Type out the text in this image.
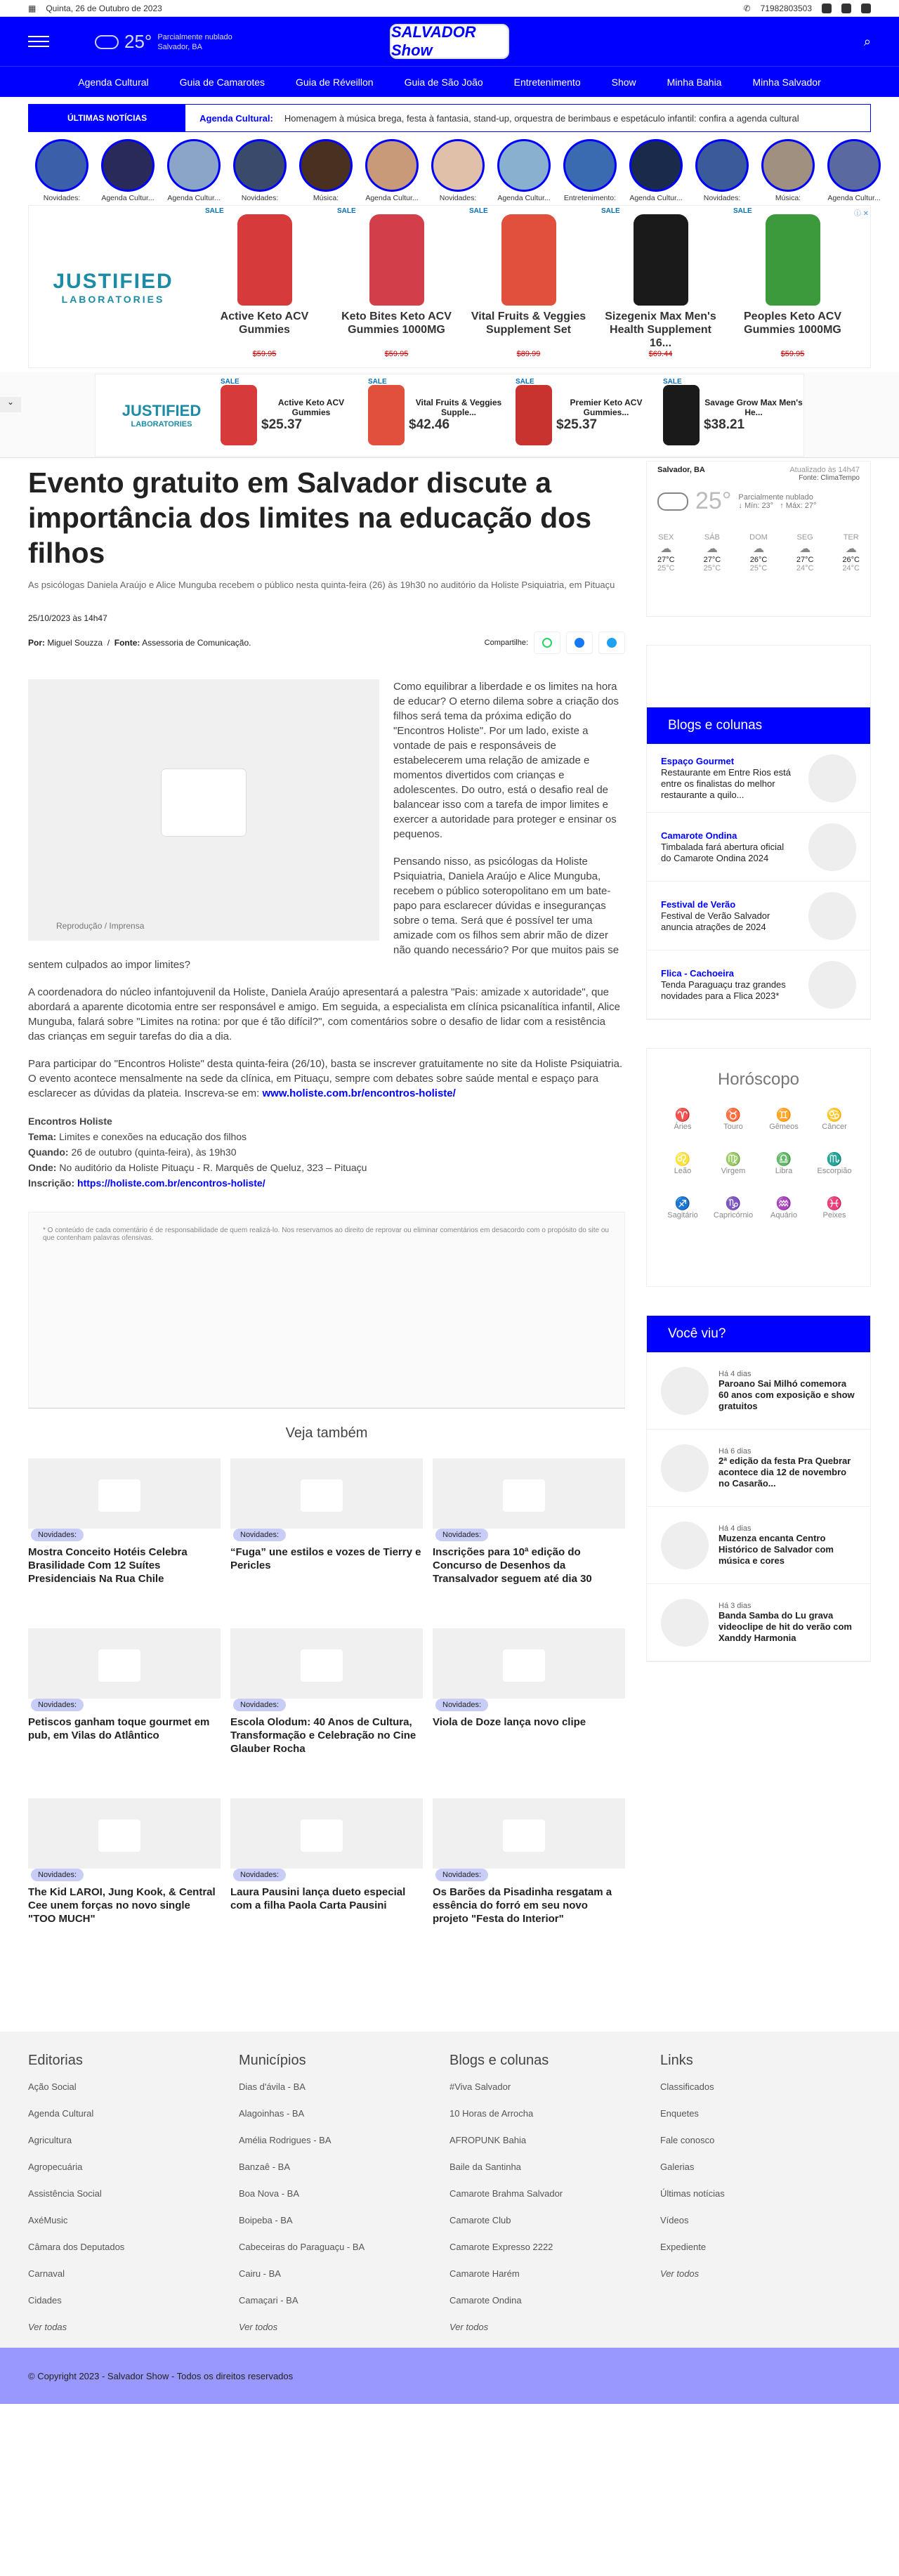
▦ Quinta, 26 de Outubro de 2023	✆ 71982803503
25° Parcialmente nublado
Salvador, BA
SALVADOR Show
⌕
Agenda Cultural	Guia de Camarotes	Guia de Réveillon	Guia de São João	Entretenimento	Show	Minha Bahia	Minha Salvador
ÚLTIMAS NOTÍCIAS	Agenda Cultural: Homenagem à música brega, festa à fantasia, stand-up, orquestra de berimbaus e espetáculo infantil: confira a agenda cultural
Novidades:	Agenda Cultur...	Agenda Cultur...	Novidades:	Música:	Agenda Cultur...	Novidades:	Agenda Cultur...	Entretenimento:	Agenda Cultur...	Novidades:	Música:	Agenda Cultur...
JUSTIFIED
LABORATORIES
SALE
Active Keto ACV Gummies
$59.95
SALE
Keto Bites Keto ACV Gummies 1000MG
$59.95
SALE
Vital Fruits & Veggies Supplement Set
$89.99
SALE
Sizegenix Max Men's Health Supplement 16...
$69.44
SALE
Peoples Keto ACV Gummies 1000MG
$59.95
ⓘ ✕
⌄	JUSTIFIED
LABORATORIES
SALE
Active Keto ACV Gummies
$25.37
SALE
Vital Fruits & Veggies Supple...
$42.46
SALE
Premier Keto ACV Gummies...
$25.37
SALE
Savage Grow Max Men's He...
$38.21
Evento gratuito em Salvador discute a importância dos limites na educação dos filhos
As psicólogas Daniela Araújo e Alice Munguba recebem o público nesta quinta-feira (26) às 19h30 no auditório da Holiste Psiquiatria, em Pituaçu
25/10/2023 às 14h47
Por: Miguel Souzza  /  Fonte: Assessoria de Comunicação.	Compartilhe:
Reprodução / Imprensa

Como equilibrar a liberdade e os limites na hora de educar? O eterno dilema sobre a criação dos filhos será tema da próxima edição do "Encontros Holiste". Por um lado, existe a vontade de pais e responsáveis de estabelecerem uma relação de amizade e momentos divertidos com crianças e adolescentes. Do outro, está o desafio real de balancear isso com a tarefa de impor limites e exercer a autoridade para proteger e ensinar os pequenos.

Pensando nisso, as psicólogas da Holiste Psiquiatria, Daniela Araújo e Alice Munguba, recebem o público soteropolitano em um bate-papo para esclarecer dúvidas e inseguranças sobre o tema. Será que é possível ter uma amizade com os filhos sem abrir mão de dizer não quando necessário? Por que muitos pais se sentem culpados ao impor limites?

A coordenadora do núcleo infantojuvenil da Holiste, Daniela Araújo apresentará a palestra "Pais: amizade x autoridade", que abordará a aparente dicotomia entre ser responsável e amigo. Em seguida, a especialista em clínica psicanalítica infantil, Alice Munguba, falará sobre "Limites na rotina: por que é tão difícil?", com comentários sobre o desafio de lidar com a resistência das crianças em seguir tarefas do dia a dia.

Para participar do "Encontros Holiste" desta quinta-feira (26/10), basta se inscrever gratuitamente no site da Holiste Psiquiatria. O evento acontece mensalmente na sede da clínica, em Pituaçu, sempre com debates sobre saúde mental e espaço para esclarecer as dúvidas da plateia. Inscreva-se em: www.holiste.com.br/encontros-holiste/

Encontros Holiste
Tema: Limites e conexões na educação dos filhos
Quando: 26 de outubro (quinta-feira), às 19h30
Onde: No auditório da Holiste Pituaçu - R. Marquês de Queluz, 323 – Pituaçu
Inscrição: https://holiste.com.br/encontros-holiste/
* O conteúdo de cada comentário é de responsabilidade de quem realizá-lo. Nos reservamos ao direito de reprovar ou eliminar comentários em desacordo com o propósito do site ou que contenham palavras ofensivas.
Veja também
Novidades:
Mostra Conceito Hotéis Celebra Brasilidade Com 12 Suítes Presidenciais Na Rua Chile
Novidades:
“Fuga” une estilos e vozes de Tierry e Pericles
Novidades:
Inscrições para 10ª edição do Concurso de Desenhos da Transalvador seguem até dia 30
Novidades:
Petiscos ganham toque gourmet em pub, em Vilas do Atlântico
Novidades:
Escola Olodum: 40 Anos de Cultura, Transformação e Celebração no Cine Glauber Rocha
Novidades:
Viola de Doze lança novo clipe
Novidades:
The Kid LAROI, Jung Kook, & Central Cee unem forças no novo single "TOO MUCH"
Novidades:
Laura Pausini lança dueto especial com a filha Paola Carta Pausini
Novidades:
Os Barões da Pisadinha resgatam a essência do forró em seu novo projeto "Festa do Interior"
Salvador, BA	Atualizado às 14h47
Fonte: ClimaTempo
25° Parcialmente nublado
↓ Mín: 23°   ↑ Máx: 27°
SEX
☁
27°C
25°C
SÁB
☁
27°C
25°C
DOM
☁
26°C
25°C
SEG
☁
27°C
24°C
TER
☁
26°C
24°C
Blogs e colunas
Espaço Gourmet
Restaurante em Entre Rios está entre os finalistas do melhor restaurante a quilo...
Camarote Ondina
Timbalada fará abertura oficial do Camarote Ondina 2024
Festival de Verão
Festival de Verão Salvador anuncia atrações de 2024
Flica - Cachoeira
Tenda Paraguaçu traz grandes novidades para a Flica 2023*
Horóscopo
♈
Áries
♉
Touro
♊
Gêmeos
♋
Câncer
♌
Leão
♍
Virgem
♎
Libra
♏
Escorpião
♐
Sagitário
♑
Capricórnio
♒
Aquário
♓
Peixes
Você viu?
Há 4 dias
Paroano Sai Milhó comemora 60 anos com exposição e show gratuitos
Há 6 dias
2ª edição da festa Pra Quebrar acontece dia 12 de novembro no Casarão...
Há 4 dias
Muzenza encanta Centro Histórico de Salvador com música e cores
Há 3 dias
Banda Samba do Lu grava videoclipe de hit do verão com Xanddy Harmonia
Editorias
Ação Social
Agenda Cultural
Agricultura
Agropecuária
Assistência Social
AxéMusic
Câmara dos Deputados
Carnaval
Cidades
Ver todas
Municípios
Dias d'ávila - BA
Alagoinhas - BA
Amélia Rodrigues - BA
Banzaê - BA
Boa Nova - BA
Boipeba - BA
Cabeceiras do Paraguaçu - BA
Cairu - BA
Camaçari - BA
Ver todos
Blogs e colunas
#Viva Salvador
10 Horas de Arrocha
AFROPUNK Bahia
Baile da Santinha
Camarote Brahma Salvador
Camarote Club
Camarote Expresso 2222
Camarote Harém
Camarote Ondina
Ver todos
Links
Classificados
Enquetes
Fale conosco
Galerias
Últimas notícias
Vídeos
Expediente
Ver todos
© Copyright 2023 - Salvador Show - Todos os direitos reservados
